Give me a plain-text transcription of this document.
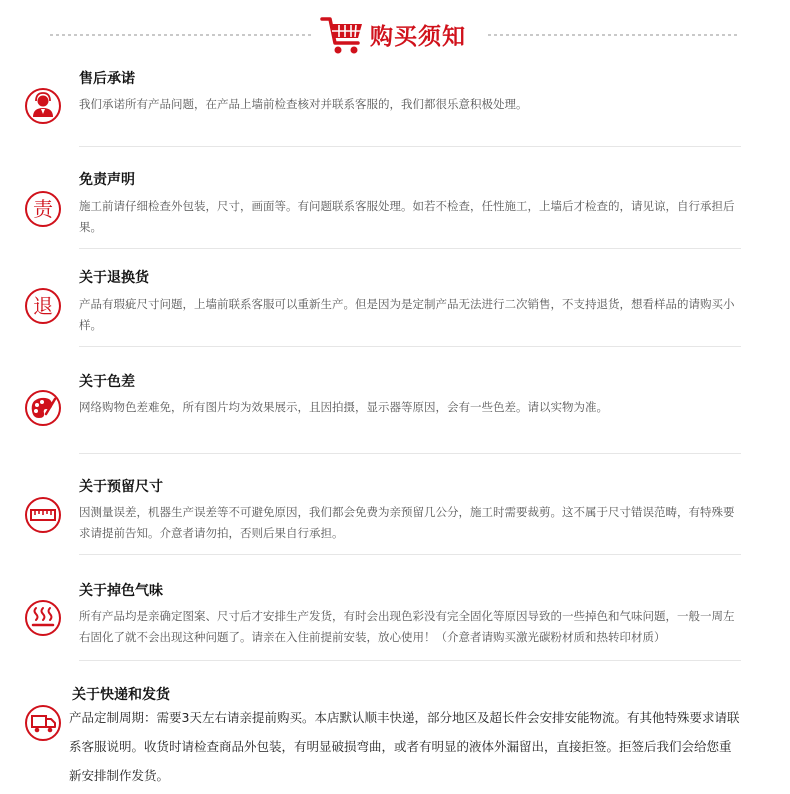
购买须知
售后承诺
我们承诺所有产品问题，在产品上墙前检查核对并联系客服的，我们都很乐意积极处理。
责
免责声明
施工前请仔细检查外包装，尺寸，画面等。有问题联系客服处理。如若不检查，任性施工，上墙后才检查的，请见谅，自行承担后果。
退
关于退换货
产品有瑕疵尺寸问题，上墙前联系客服可以重新生产。但是因为是定制产品无法进行二次销售，不支持退货，想看样品的请购买小样。
关于色差
网络购物色差难免，所有图片均为效果展示，且因拍摄，显示器等原因，会有一些色差。请以实物为准。
关于预留尺寸
因测量误差，机器生产误差等不可避免原因，我们都会免费为亲预留几公分，施工时需要裁剪。这不属于尺寸错误范畴，有特殊要求请提前告知。介意者请勿拍，否则后果自行承担。
关于掉色气味
所有产品均是亲确定图案、尺寸后才安排生产发货，有时会出现色彩没有完全固化等原因导致的一些掉色和气味问题，一般一周左右固化了就不会出现这种问题了。请亲在入住前提前安装，放心使用！（介意者请购买激光碳粉材质和热转印材质）
关于快递和发货
产品定制周期：需要3天左右请亲提前购买。本店默认顺丰快递，部分地区及超长件会安排安能物流。有其他特殊要求请联系客服说明。收货时请检查商品外包装，有明显破损弯曲，或者有明显的液体外漏留出，直接拒签。拒签后我们会给您重新安排制作发货。
